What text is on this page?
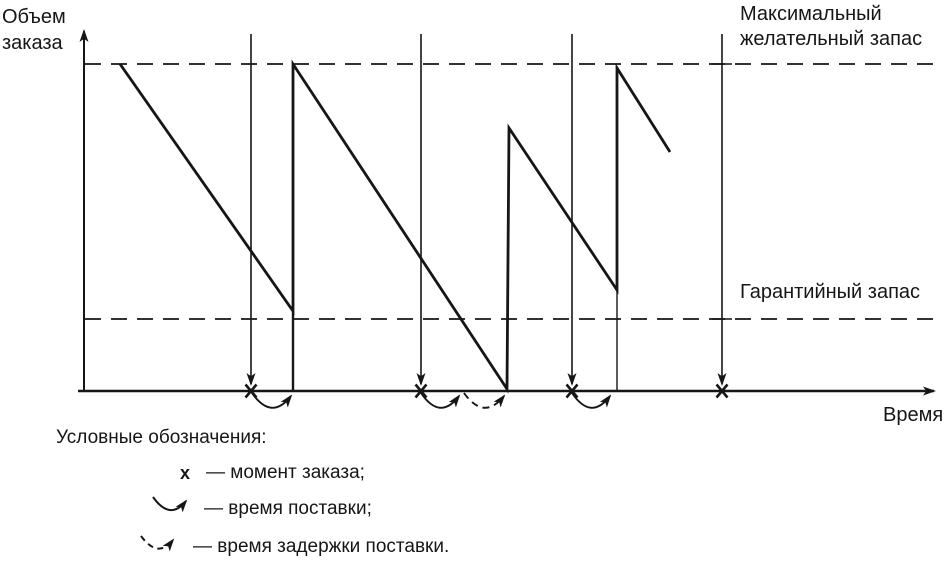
Объем
заказа
Максимальный
желательный запас
Гарантийный запас
Время
Условные обозначения:
х — момент заказа;
— время поставки;
— время задержки поставки.
